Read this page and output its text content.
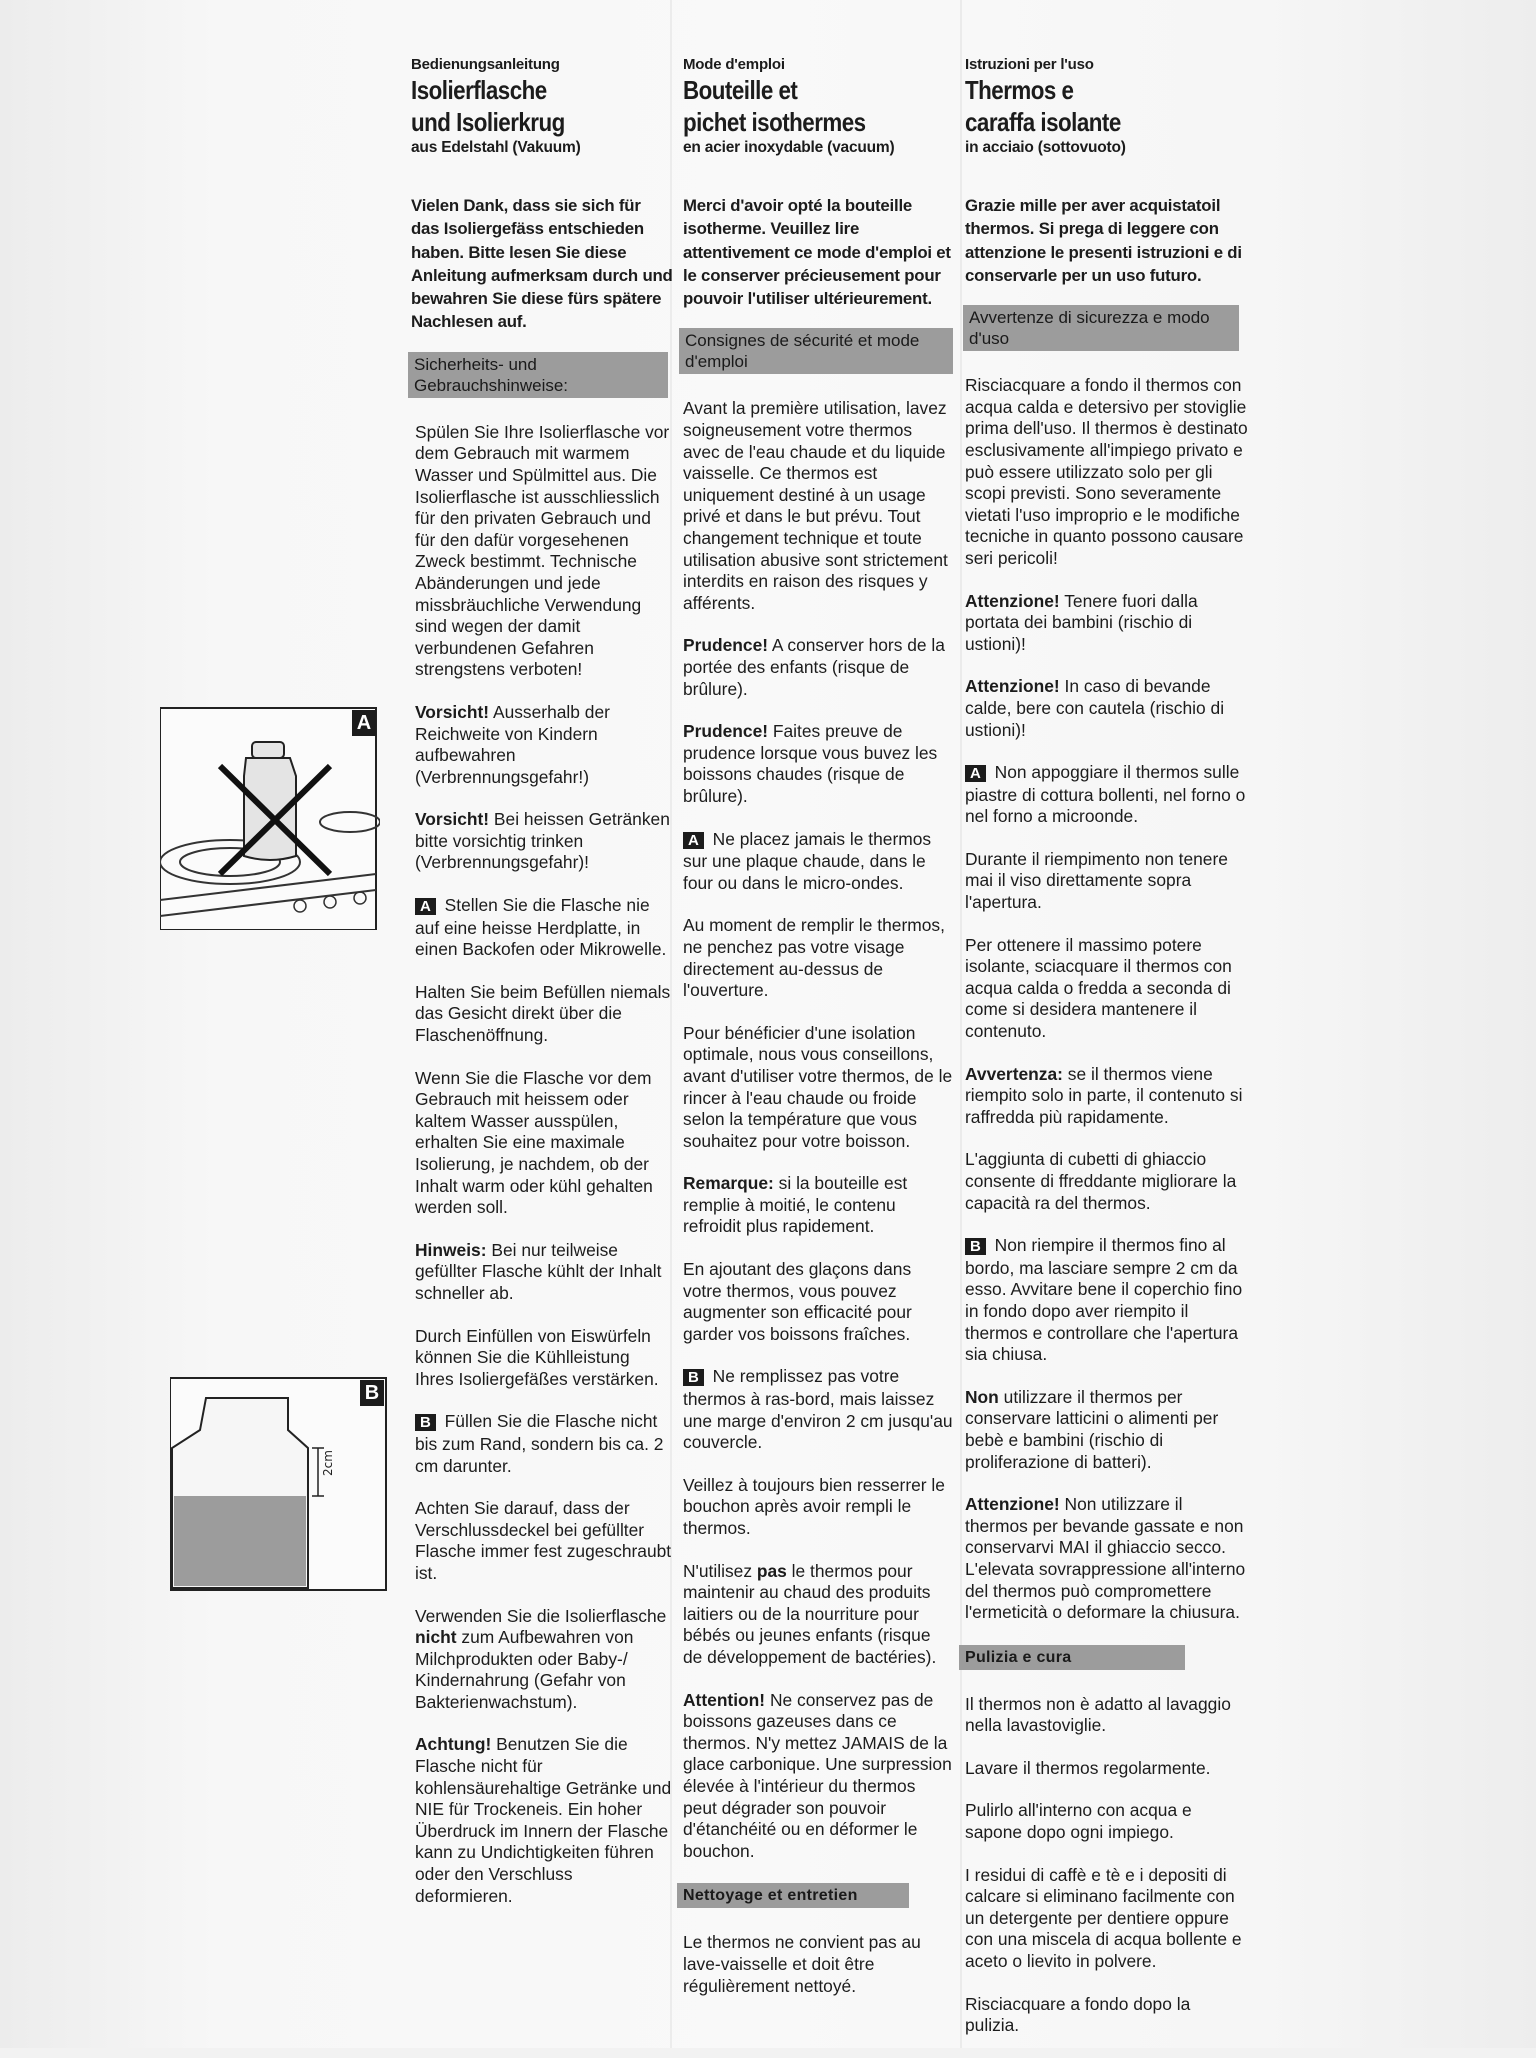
A
2cm
B
Bedienungsanleitung
Isolierflasche
und Isolierkrug
aus Edelstahl (Vakuum)
Vielen Dank, dass sie sich für das Isoliergefäss entschieden haben. Bitte lesen Sie diese Anleitung aufmerksam durch und bewahren Sie diese fürs spätere Nachlesen auf.
Sicherheits- und Gebrauchshinweise:

Spülen Sie Ihre Isolierflasche vor dem Gebrauch mit warmem Wasser und Spülmittel aus. Die Isolierflasche ist ausschliesslich für den privaten Gebrauch und für den dafür vorgesehenen Zweck bestimmt. Technische Abänderungen und jede missbräuchliche Verwendung sind wegen der damit verbundenen Gefahren strengstens verboten!

Vorsicht! Ausserhalb der Reichweite von Kindern aufbewahren (Verbrennungsgefahr!)

Vorsicht! Bei heissen Getränken bitte vorsichtig trinken (Verbrennungsgefahr)!

A Stellen Sie die Flasche nie auf eine heisse Herdplatte, in einen Backofen oder Mikrowelle.

Halten Sie beim Befüllen niemals das Gesicht direkt über die Flaschenöffnung.

Wenn Sie die Flasche vor dem Gebrauch mit heissem oder kaltem Wasser ausspülen, erhalten Sie eine maximale Isolierung, je nachdem, ob der Inhalt warm oder kühl gehalten werden soll.

Hinweis: Bei nur teilweise gefüllter Flasche kühlt der Inhalt schneller ab.

Durch Einfüllen von Eiswürfeln können Sie die Kühlleistung Ihres Isoliergefäßes verstärken.

B Füllen Sie die Flasche nicht bis zum Rand, sondern bis ca. 2 cm darunter.

Achten Sie darauf, dass der Verschlussdeckel bei gefüllter Flasche immer fest zugeschraubt ist.

Verwenden Sie die Isolierflasche nicht zum Aufbewahren von Milchprodukten oder Baby-/ Kindernahrung (Gefahr von Bakterienwachstum).

Achtung! Benutzen Sie die Flasche nicht für kohlensäurehaltige Getränke und NIE für Trockeneis. Ein hoher Überdruck im Innern der Flasche kann zu Undichtigkeiten führen oder den Verschluss deformieren.

Mode d'emploi
Bouteille et
pichet isothermes
en acier inoxydable (vacuum)
Merci d'avoir opté la bouteille isotherme. Veuillez lire attentivement ce mode d'emploi et le conserver précieusement pour pouvoir l'utiliser ultérieurement.
Consignes de sécurité et mode d'emploi

Avant la première utilisation, lavez soigneusement votre thermos avec de l'eau chaude et du liquide vaisselle. Ce thermos est uniquement destiné à un usage privé et dans le but prévu. Tout changement technique et toute utilisation abusive sont strictement interdits en raison des risques y afférents.

Prudence! A conserver hors de la portée des enfants (risque de brûlure).

Prudence! Faites preuve de prudence lorsque vous buvez les boissons chaudes (risque de brûlure).

A Ne placez jamais le thermos sur une plaque chaude, dans le four ou dans le micro-ondes.

Au moment de remplir le thermos, ne penchez pas votre visage directement au-dessus de l'ouverture.

Pour bénéficier d'une isolation optimale, nous vous conseillons, avant d'utiliser votre thermos, de le rincer à l'eau chaude ou froide selon la température que vous souhaitez pour votre boisson.

Remarque: si la bouteille est remplie à moitié, le contenu refroidit plus rapidement.

En ajoutant des glaçons dans votre thermos, vous pouvez augmenter son efficacité pour garder vos boissons fraîches.

B Ne remplissez pas votre thermos à ras-bord, mais laissez une marge d'environ 2 cm jusqu'au couvercle.

Veillez à toujours bien resserrer le bouchon après avoir rempli le thermos.

N'utilisez pas le thermos pour maintenir au chaud des produits laitiers ou de la nourriture pour bébés ou jeunes enfants (risque de développement de bactéries).

Attention! Ne conservez pas de boissons gazeuses dans ce thermos. N'y mettez JAMAIS de la glace carbonique. Une surpression élevée à l'intérieur du thermos peut dégrader son pouvoir d'étanchéité ou en déformer le bouchon.

Nettoyage et entretien

Le thermos ne convient pas au lave-vaisselle et doit être régulièrement nettoyé.

Istruzioni per l'uso
Thermos e
caraffa isolante
in acciaio (sottovuoto)
Grazie mille per aver acquistatoil thermos. Si prega di leggere con attenzione le presenti istruzioni e di conservarle per un uso futuro.
Avvertenze di sicurezza e modo d'uso

Risciacquare a fondo il thermos con acqua calda e detersivo per stoviglie prima dell'uso. Il thermos è destinato esclusivamente all'impiego privato e può essere utilizzato solo per gli scopi previsti. Sono severamente vietati l'uso improprio e le modifiche tecniche in quanto possono causare seri pericoli!

Attenzione! Tenere fuori dalla portata dei bambini (rischio di ustioni)!

Attenzione! In caso di bevande calde, bere con cautela (rischio di ustioni)!

A Non appoggiare il thermos sulle piastre di cottura bollenti, nel forno o nel forno a microonde.

Durante il riempimento non tenere mai il viso direttamente sopra l'apertura.

Per ottenere il massimo potere isolante, sciacquare il thermos con acqua calda o fredda a seconda di come si desidera mantenere il contenuto.

Avvertenza: se il thermos viene riempito solo in parte, il contenuto si raffredda più rapidamente.

L'aggiunta di cubetti di ghiaccio consente di ffreddante migliorare la capacità ra del thermos.

B Non riempire il thermos fino al bordo, ma lasciare sempre 2 cm da esso. Avvitare bene il coperchio fino in fondo dopo aver riempito il thermos e controllare che l'apertura sia chiusa.

Non utilizzare il thermos per conservare latticini o alimenti per bebè e bambini (rischio di proliferazione di batteri).

Attenzione! Non utilizzare il thermos per bevande gassate e non conservarvi MAI il ghiaccio secco. L'elevata sovrappressione all'interno del thermos può compromettere l'ermeticità o deformare la chiusura.

Pulizia e cura

Il thermos non è adatto al lavaggio nella lavastoviglie.

Lavare il thermos regolarmente.

Pulirlo all'interno con acqua e sapone dopo ogni impiego.

I residui di caffè e tè e i depositi di calcare si eliminano facilmente con un detergente per dentiere oppure con una miscela di acqua bollente e aceto o lievito in polvere.

Risciacquare a fondo dopo la pulizia.
